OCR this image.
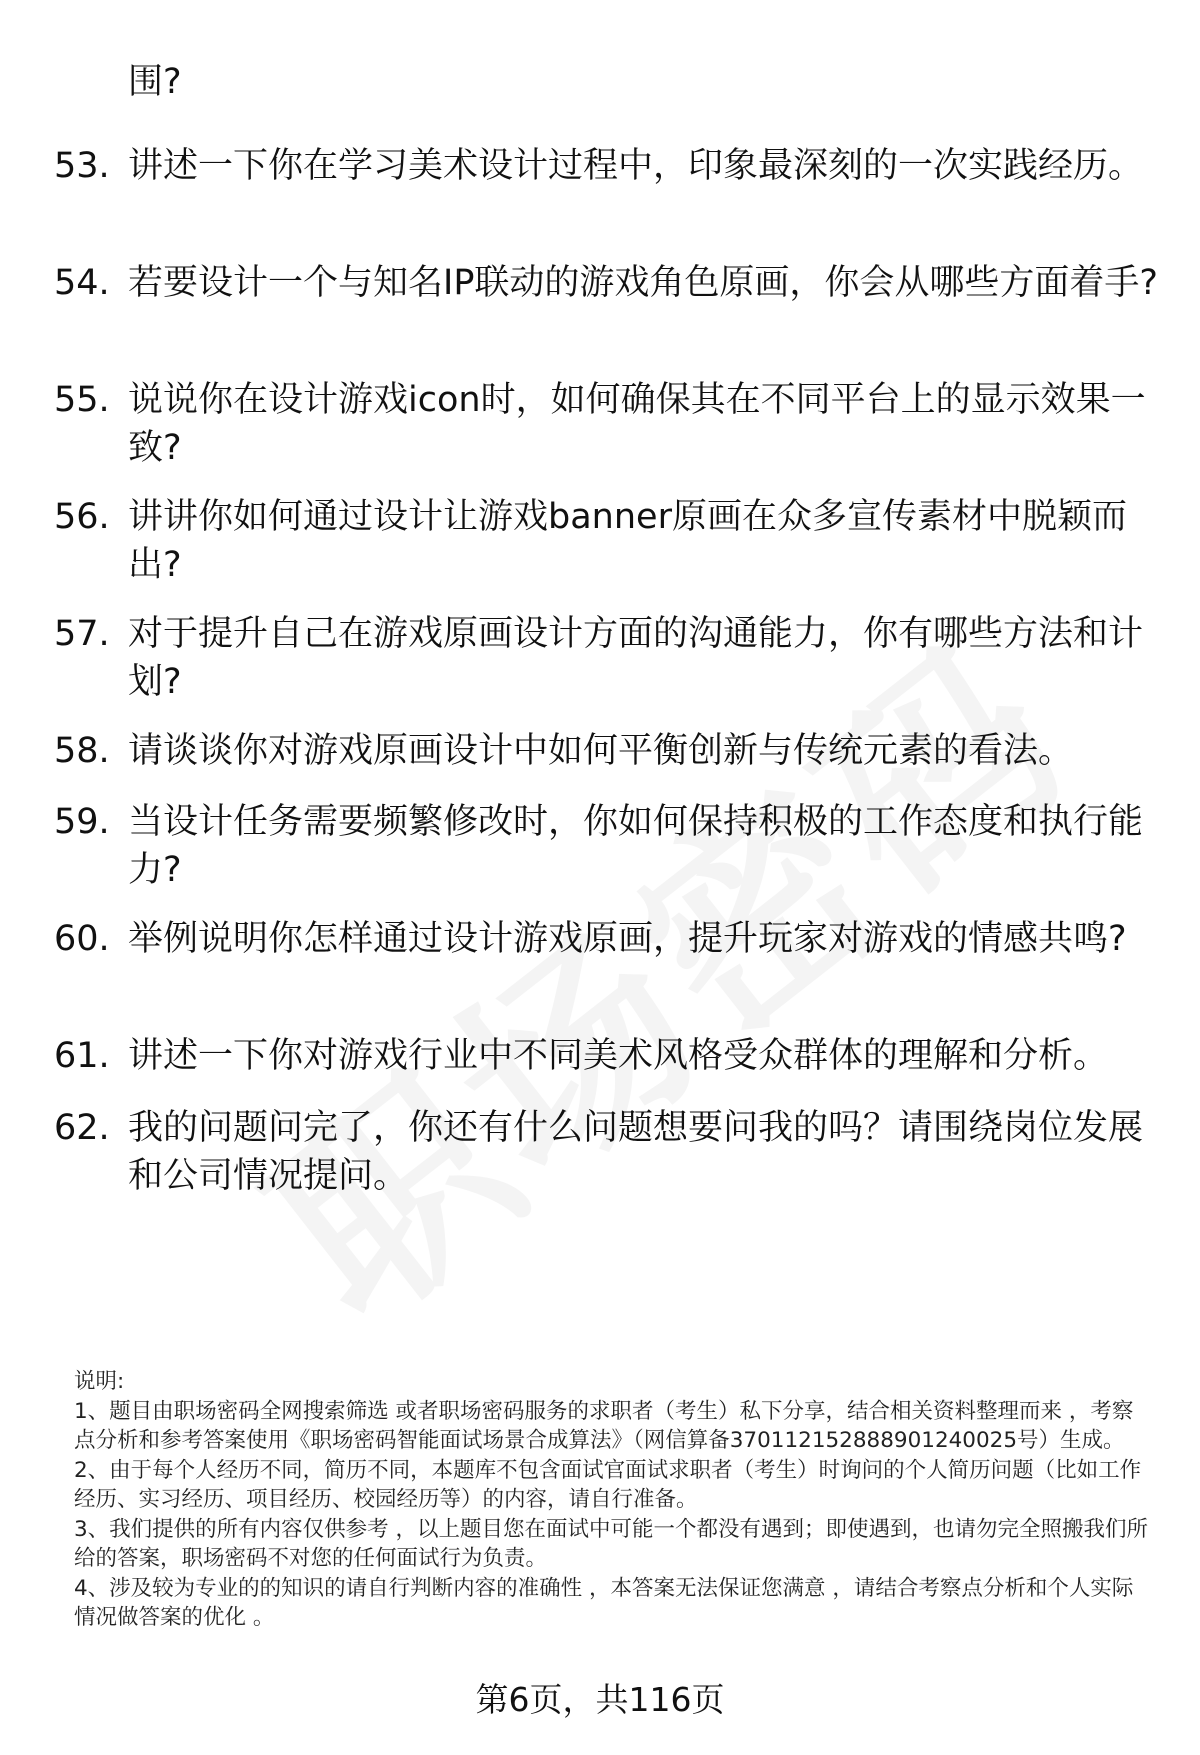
围?
53. 讲述一下你在学习美术设计过程中，印象最深刻的一次实践经历。
54. 若要设计一个与知名IP联动的游戏角色原画，你会从哪些方面着手?
55. 说说你在设计游戏icon时，如何确保其在不同平台上的显示效果一致?
56. 讲讲你如何通过设计让游戏banner原画在众多宣传素材中脱颖而出?
57. 对于提升自己在游戏原画设计方面的沟通能力，你有哪些方法和计划?
58. 请谈谈你对游戏原画设计中如何平衡创新与传统元素的看法。
59. 当设计任务需要频繁修改时，你如何保持积极的工作态度和执行能力?
60. 举例说明你怎样通过设计游戏原画，提升玩家对游戏的情感共鸣?
61. 讲述一下你对游戏行业中不同美术风格受众群体的理解和分析。
62. 我的问题问完了，你还有什么问题想要问我的吗？请围绕岗位发展和公司情况提问。
说明:
1、题目由职场密码全网搜索筛选 或者职场密码服务的求职者（考生）私下分享，结合相关资料整理而来 ，考察点分析和参考答案使用《职场密码智能面试场景合成算法》（网信算备370112152888901240025号）生成。
2、由于每个人经历不同，简历不同，本题库不包含面试官面试求职者（考生）时询问的个人简历问题（比如工作经历、实习经历、项目经历、校园经历等）的内容，请自行准备。
3、我们提供的所有内容仅供参考 ，以上题目您在面试中可能一个都没有遇到；即使遇到，也请勿完全照搬我们所给的答案，职场密码不对您的任何面试行为负责。
4、涉及较为专业的的知识的请自行判断内容的准确性 ，本答案无法保证您满意 ，请结合考察点分析和个人实际情况做答案的优化 。
第6页，共116页
